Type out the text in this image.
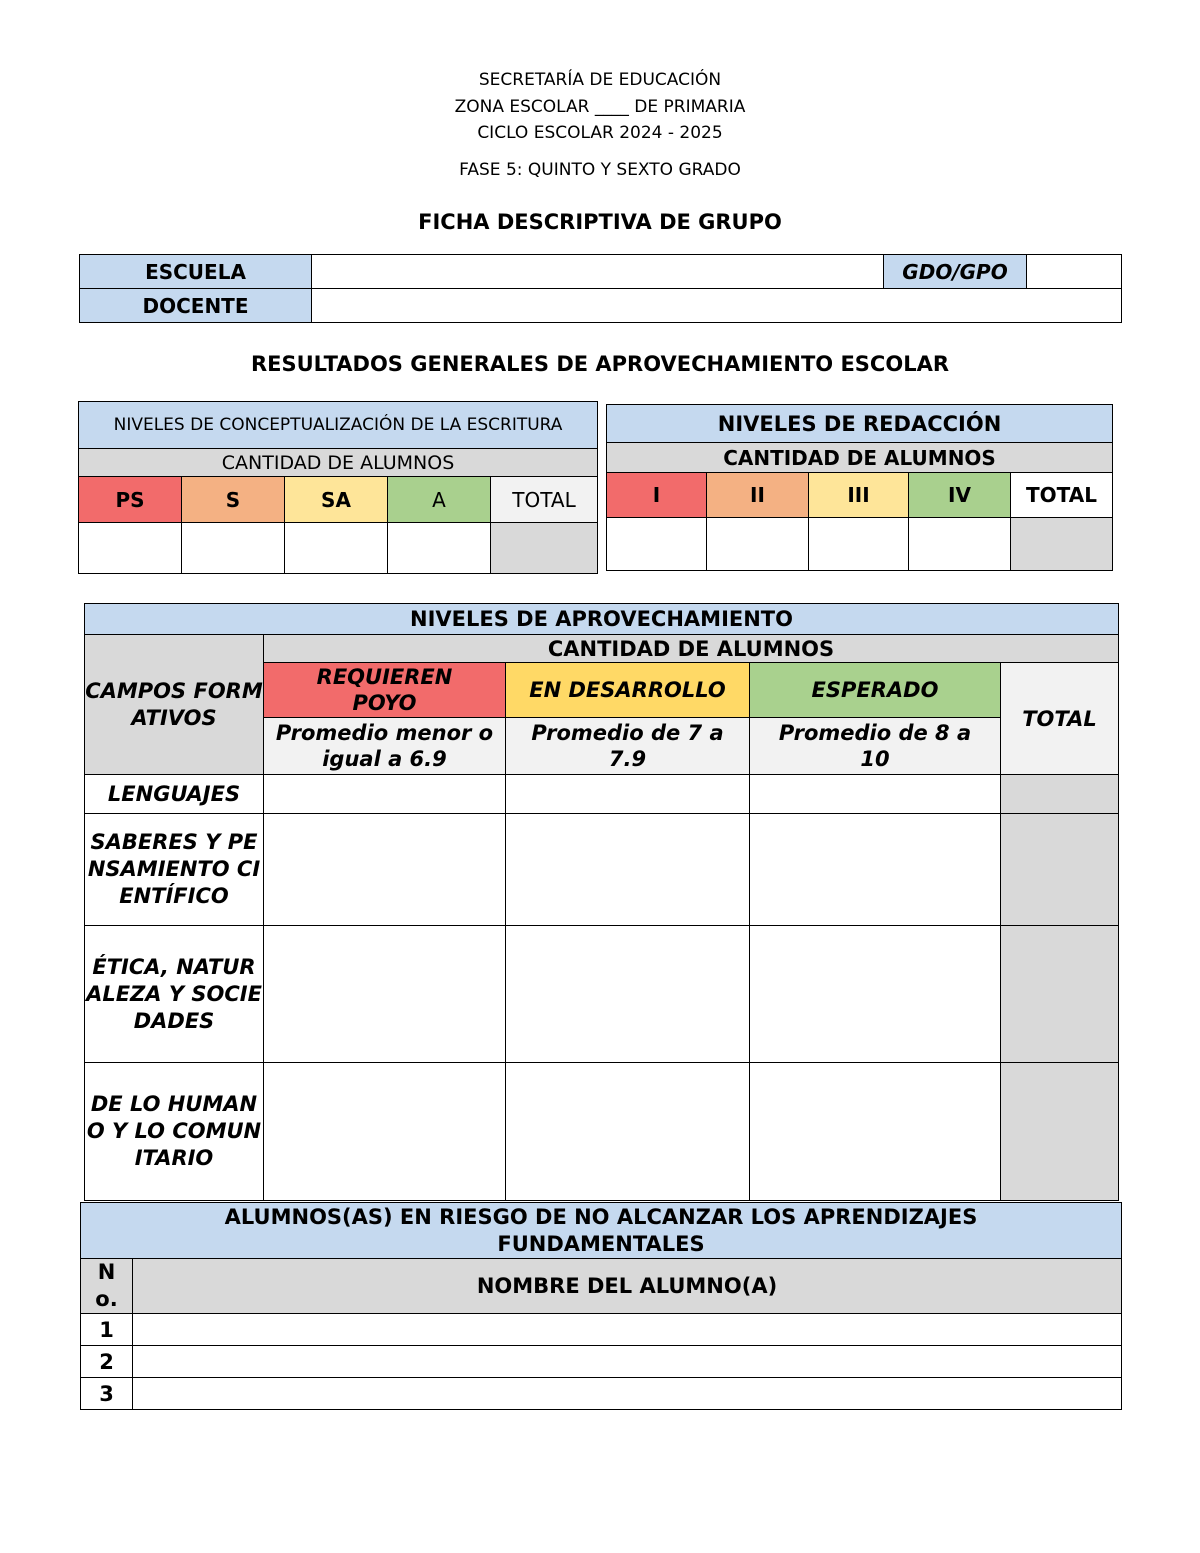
SECRETARÍA DE EDUCACIÓN
ZONA ESCOLAR ____ DE PRIMARIA
CICLO ESCOLAR 2024 - 2025
FASE 5: QUINTO Y SEXTO GRADO
FICHA DESCRIPTIVA DE GRUPO
ESCUELA		GDO/GPO	
DOCENTE			
RESULTADOS GENERALES DE APROVECHAMIENTO ESCOLAR
NIVELES DE CONCEPTUALIZACIÓN DE LA ESCRITURA				
CANTIDAD DE ALUMNOS				
PS	S	SA	A	TOTAL

NIVELES DE REDACCIÓN				
CANTIDAD DE ALUMNOS				
I	II	III	IV	TOTAL

NIVELES DE APROVECHAMIENTO				
CAMPOS FORMATIVOS	CANTIDAD DE ALUMNOS			
	REQUIEREN POYO	EN DESARROLLO	ESPERADO	TOTAL
	Promedio menor o igual a 6.9	Promedio de 7 a 7.9	Promedio de 8 a 10	
LENGUAJES				
SABERES Y PENSAMIENTO CIENTÍFICO				
ÉTICA, NATURALEZA Y SOCIEDADES				
DE LO HUMANO Y LO COMUNITARIO				
ALUMNOS(AS) EN RIESGO DE NO ALCANZAR LOS APRENDIZAJES FUNDAMENTALES	
No.	NOMBRE DEL ALUMNO(A)
1	
2	
3	
